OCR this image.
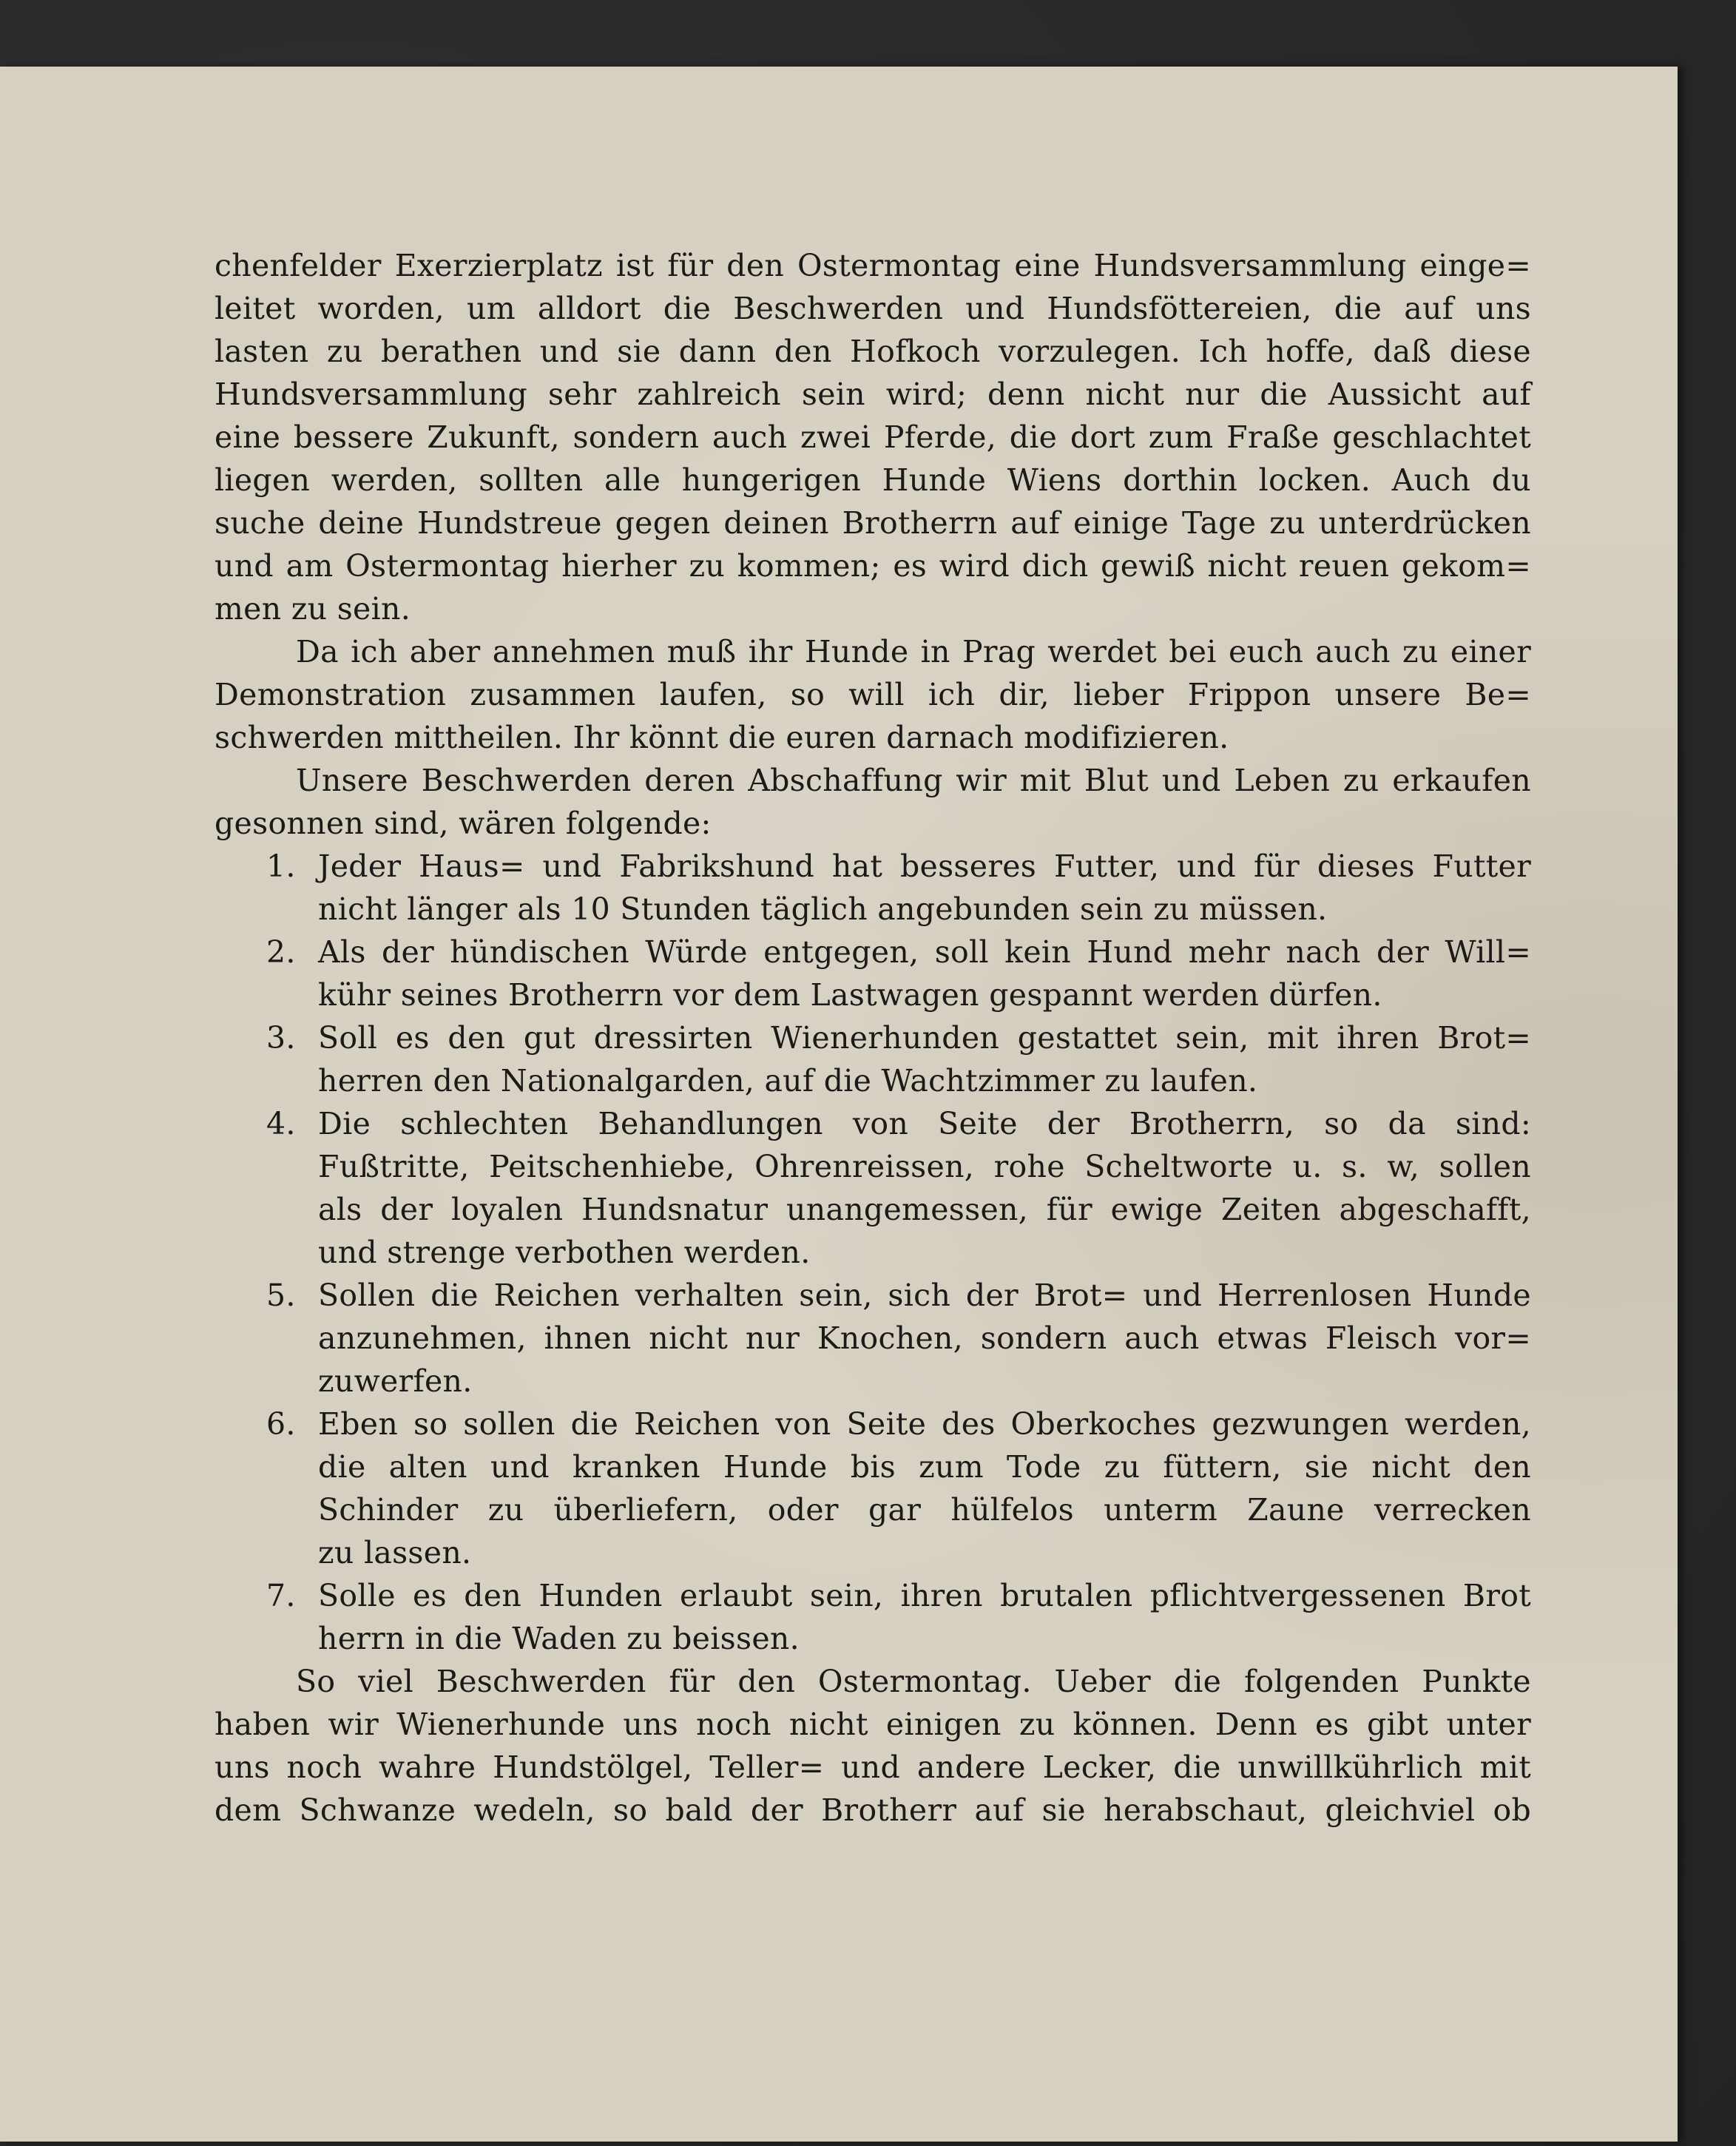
chenfelder Exerzierplatz ist für den Ostermontag eine Hundsversammlung einge=
leitet worden, um alldort die Beschwerden und Hundsföttereien, die auf uns
lasten zu berathen und sie dann den Hofkoch vorzulegen. Ich hoffe, daß diese
Hundsversammlung sehr zahlreich sein wird; denn nicht nur die Aussicht auf
eine bessere Zukunft, sondern auch zwei Pferde, die dort zum Fraße geschlachtet
liegen werden, sollten alle hungerigen Hunde Wiens dorthin locken. Auch du
suche deine Hundstreue gegen deinen Brotherrn auf einige Tage zu unterdrücken
und am Ostermontag hierher zu kommen; es wird dich gewiß nicht reuen gekom=
men zu sein.
Da ich aber annehmen muß ihr Hunde in Prag werdet bei euch auch zu einer
Demonstration zusammen laufen, so will ich dir, lieber Frippon unsere Be=
schwerden mittheilen. Ihr könnt die euren darnach modifizieren.
Unsere Beschwerden deren Abschaffung wir mit Blut und Leben zu erkaufen
gesonnen sind, wären folgende:
1. Jeder Haus= und Fabrikshund hat besseres Futter, und für dieses Futter
nicht länger als 10 Stunden täglich angebunden sein zu müssen.
2. Als der hündischen Würde entgegen, soll kein Hund mehr nach der Will=
kühr seines Brotherrn vor dem Lastwagen gespannt werden dürfen.
3. Soll es den gut dressirten Wienerhunden gestattet sein, mit ihren Brot=
herren den Nationalgarden, auf die Wachtzimmer zu laufen.
4. Die schlechten Behandlungen von Seite der Brotherrn, so da sind:
Fußtritte, Peitschenhiebe, Ohrenreissen, rohe Scheltworte u. s. w, sollen
als der loyalen Hundsnatur unangemessen, für ewige Zeiten abgeschafft,
und strenge verbothen werden.
5. Sollen die Reichen verhalten sein, sich der Brot= und Herrenlosen Hunde
anzunehmen, ihnen nicht nur Knochen, sondern auch etwas Fleisch vor=
zuwerfen.
6. Eben so sollen die Reichen von Seite des Oberkoches gezwungen werden,
die alten und kranken Hunde bis zum Tode zu füttern, sie nicht den
Schinder zu überliefern, oder gar hülfelos unterm Zaune verrecken
zu lassen.
7. Solle es den Hunden erlaubt sein, ihren brutalen pflichtvergessenen Brot
herrn in die Waden zu beissen.
So viel Beschwerden für den Ostermontag. Ueber die folgenden Punkte
haben wir Wienerhunde uns noch nicht einigen zu können. Denn es gibt unter
uns noch wahre Hundstölgel, Teller= und andere Lecker, die unwillkührlich mit
dem Schwanze wedeln, so bald der Brotherr auf sie herabschaut, gleichviel ob
